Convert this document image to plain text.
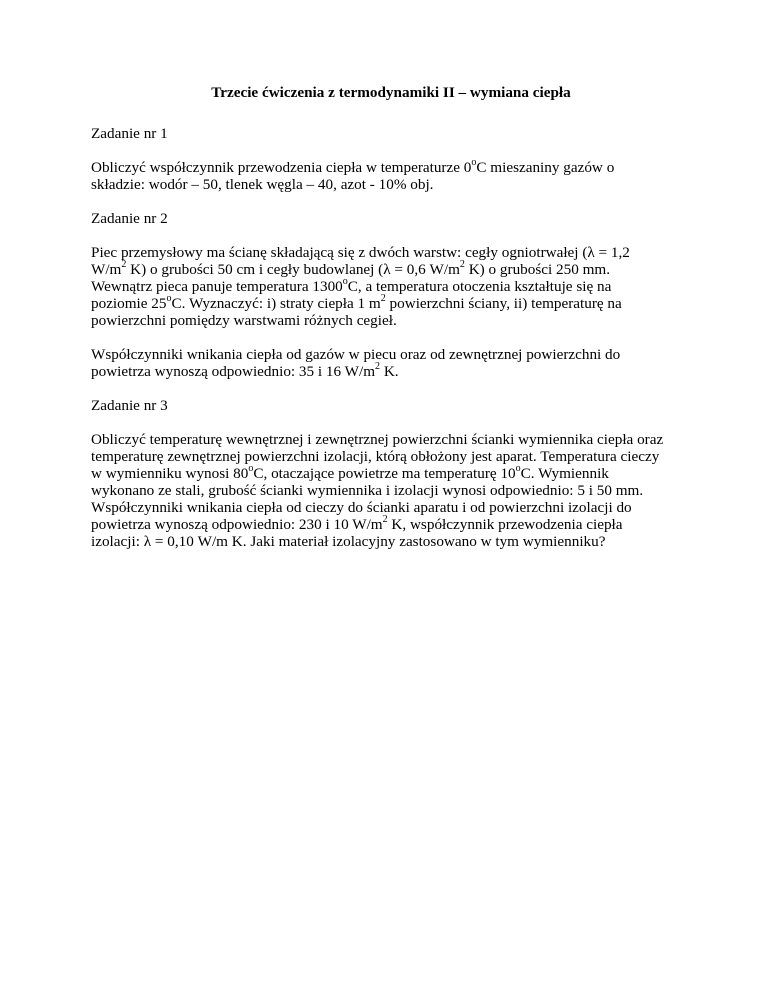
Trzecie ćwiczenia z termodynamiki II – wymiana ciepła
Zadanie nr 1
Obliczyć współczynnik przewodzenia ciepła w temperaturze 0$^o$C mieszaniny gazów o
składzie: wodór – 50, tlenek węgla – 40, azot - 10% obj.
Zadanie nr 2
Piec przemysłowy ma ścianę składającą się z dwóch warstw: cegły ogniotrwałej (λ = 1,2
$W/m^2$ K) o grubości 50 cm i cegły budowlanej (λ = 0,6 $W/m^2$ K) o grubości 250 mm.
Wewnątrz pieca panuje temperatura 1300$^o$C, a temperatura otoczenia kształtuje się na
poziomie 25$^o$C. Wyznaczyć: i) straty ciepła 1 $m^2$ powierzchni ściany, ii) temperaturę na
powierzchni pomiędzy warstwami różnych cegieł.
Współczynniki wnikania ciepła od gazów w piecu oraz od zewnętrznej powierzchni do
powietrza wynoszą odpowiednio: 35 i 16 $W/m^2$ K.
Zadanie nr 3
Obliczyć temperaturę wewnętrznej i zewnętrznej powierzchni ścianki wymiennika ciepła oraz
temperaturę zewnętrznej powierzchni izolacji, którą obłożony jest aparat. Temperatura cieczy
w wymienniku wynosi 80$^o$C, otaczające powietrze ma temperaturę 10$^o$C. Wymiennik
wykonano ze stali, grubość ścianki wymiennika i izolacji wynosi odpowiednio: 5 i 50 mm.
Współczynniki wnikania ciepła od cieczy do ścianki aparatu i od powierzchni izolacji do
powietrza wynoszą odpowiednio: 230 i 10 $W/m^2$ K, współczynnik przewodzenia ciepła
izolacji: λ = 0,10 W/m K. Jaki materiał izolacyjny zastosowano w tym wymienniku?
